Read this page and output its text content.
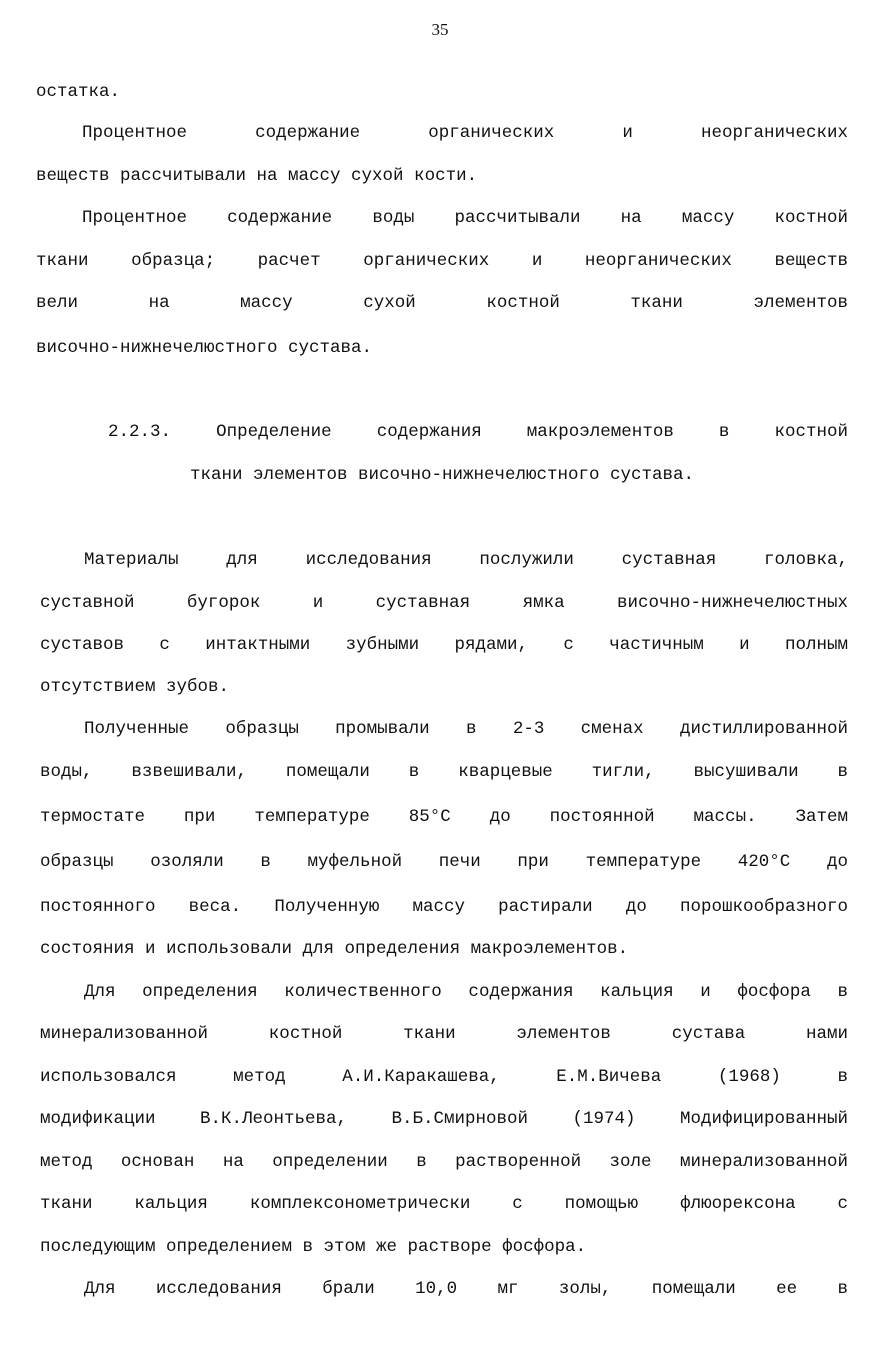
35
остатка.
Процентное содержание органических и неорганических
веществ рассчитывали на массу сухой кости.
Процентное содержание воды рассчитывали на массу костной
ткани образца; расчет органических и неорганических веществ
вели на массу сухой костной ткани элементов
височно-нижнечелюстного сустава.
2.2.3. Определение содержания макроэлементов в костной
ткани элементов височно-нижнечелюстного сустава.
Материалы для исследования послужили суставная головка,
суставной бугорок и суставная ямка височно-нижнечелюстных
суставов с интактными зубными рядами, с частичным и полным
отсутствием зубов.
Полученные образцы промывали в 2-3 сменах дистиллированной
воды, взвешивали, помещали в кварцевые тигли, высушивали в
термостате при температуре 85°С до постоянной массы. Затем
образцы озоляли в муфельной печи при температуре 420°С до
постоянного веса. Полученную массу растирали до порошкообразного
состояния и использовали для определения макроэлементов.
Для определения количественного содержания кальция и фосфора в
минерализованной костной ткани элементов сустава нами
использовался метод А.И.Каракашева, Е.М.Вичева (1968) в
модификации В.К.Леонтьева, В.Б.Смирновой (1974) Модифицированный
метод основан на определении в растворенной золе минерализованной
ткани кальция комплексонометрически с помощью флюорексона с
последующим определением в этом же растворе фосфора.
Для исследования брали 10,0 мг золы, помещали ее в
